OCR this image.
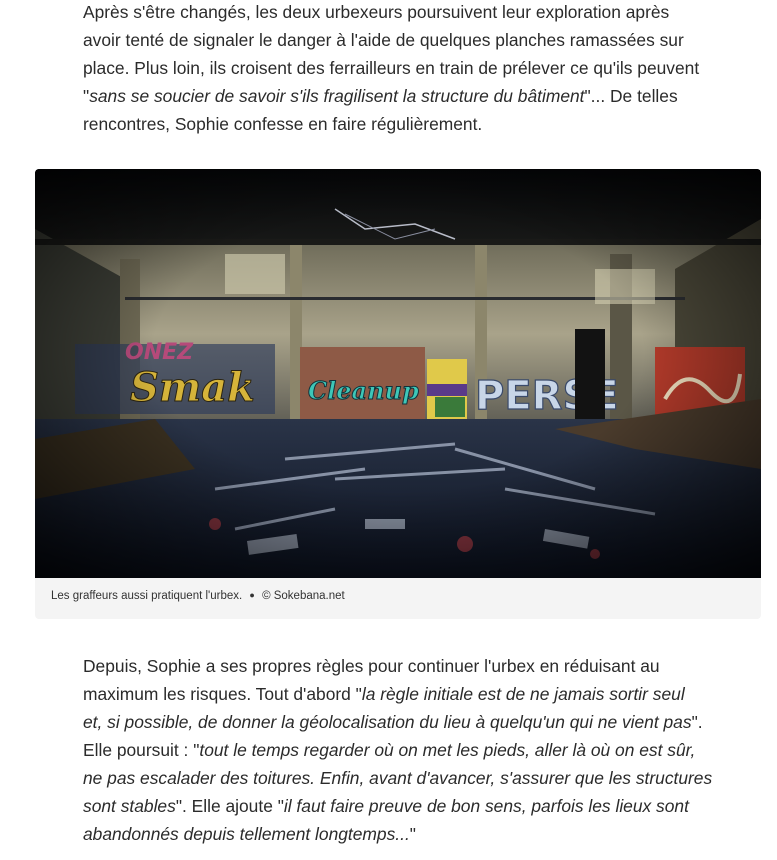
Après s'être changés, les deux urbexeurs poursuivent leur exploration après
avoir tenté de signaler le danger à l'aide de quelques planches ramassées sur
place. Plus loin, ils croisent des ferrailleurs en train de prélever ce qu'ils peuvent
"sans se soucier de savoir s'ils fragilisent la structure du bâtiment"... De telles
rencontres, Sophie confesse en faire régulièrement.
Les graffeurs aussi pratiquent l'urbex. ● © Sokebana.net
Depuis, Sophie a ses propres règles pour continuer l'urbex en réduisant au
maximum les risques. Tout d'abord "la règle initiale est de ne jamais sortir seul
et, si possible, de donner la géolocalisation du lieu à quelqu'un qui ne vient pas".
Elle poursuit : "tout le temps regarder où on met les pieds, aller là où on est sûr,
ne pas escalader des toitures. Enfin, avant d'avancer, s'assurer que les structures
sont stables". Elle ajoute "il faut faire preuve de bon sens, parfois les lieux sont
abandonnés depuis tellement longtemps..."
